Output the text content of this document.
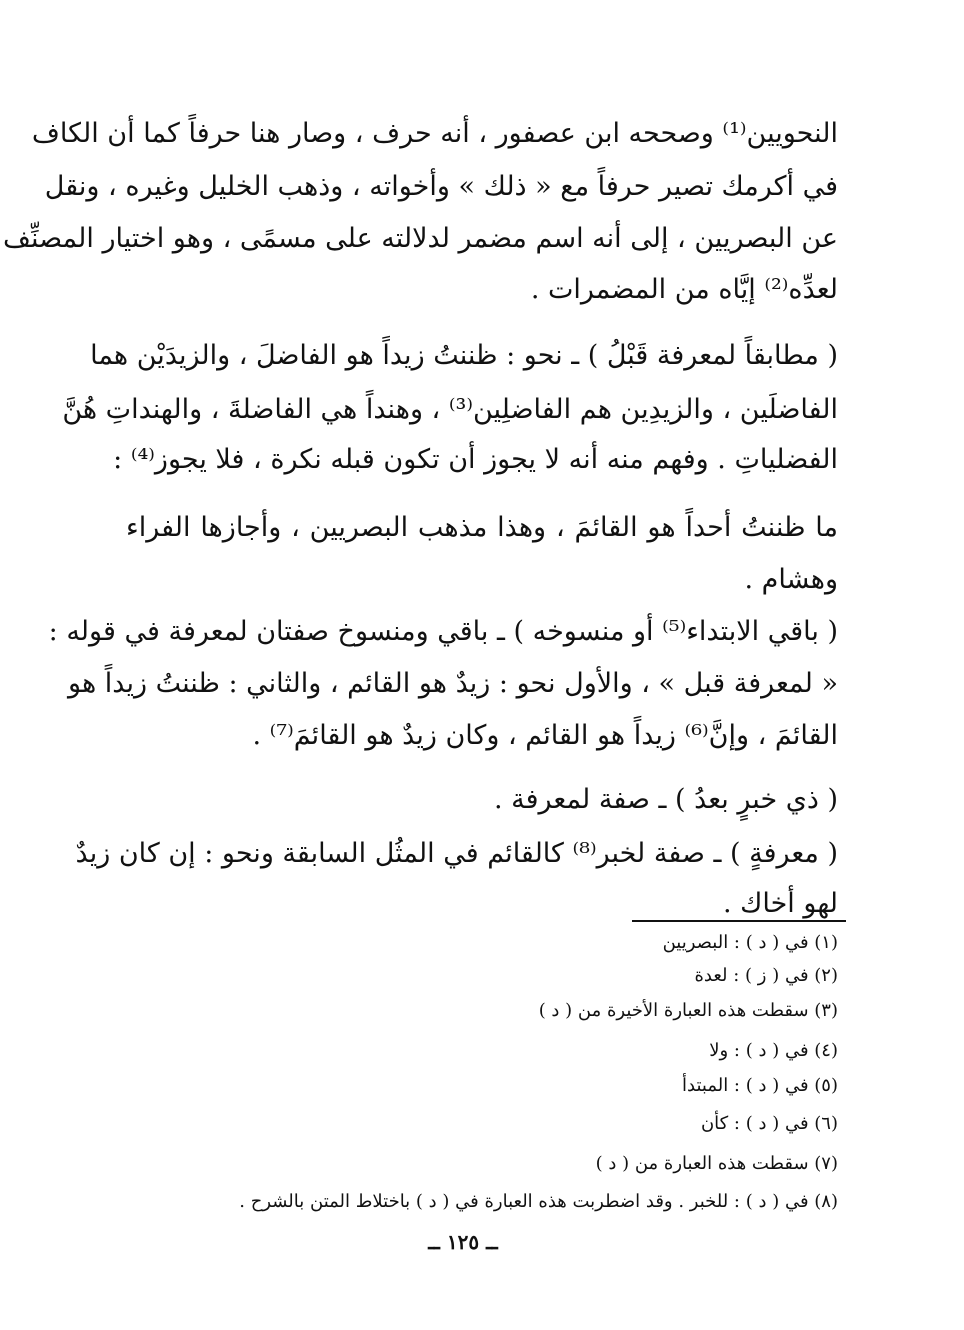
النحويين⁽¹⁾ وصححه ابن عصفور ، أنه حرف ، وصار هنا حرفاً كما أن الكاف
في أكرمك تصير حرفاً مع « ذلك » وأخواته ، وذهب الخليل وغيره ، ونقل
عن البصريين ، إلى أنه اسم مضمر لدلالته على مسمًى ، وهو اختيار المصنِّف
لعدِّه⁽²⁾ إيَّاه من المضمرات .
( مطابقاً لمعرفة قَبْلُ ) ـ نحو : ظننتُ زيداً هو الفاضلَ ، والزيدَيْن هما
الفاضلَين ، والزيدِين هم الفاضلِين⁽³⁾ ، وهنداً هي الفاضلةَ ، والهنداتِ هُنَّ
الفضلياتِ . وفهم منه أنه لا يجوز أن تكون قبله نكرة ، فلا يجوز⁽⁴⁾ :
ما ظننتُ أحداً هو القائمَ ، وهذا مذهب البصريين ، وأجازها الفراء
وهشام .
( باقي الابتداء⁽⁵⁾ أو منسوخه ) ـ باقي ومنسوخ صفتان لمعرفة في قوله :
« لمعرفة قبل » ، والأول نحو : زيدٌ هو القائم ، والثاني : ظننتُ زيداً هو
القائمَ ، وإنَّ⁽⁶⁾ زيداً هو القائم ، وكان زيدٌ هو القائمَ⁽⁷⁾ .
( ذي خبرٍ بعدُ ) ـ صفة لمعرفة .
( معرفةٍ ) ـ صفة لخبر⁽⁸⁾ كالقائم في المثُل السابقة ونحو : إن كان زيدٌ
لهو أخاك .
(١) في ( د ) : البصريين
(٢) في ( ز ) : لعدة
(٣) سقطت هذه العبارة الأخيرة من ( د )
(٤) في ( د ) : ولا
(٥) في ( د ) : المبتدأ
(٦) في ( د ) : كأن
(٧) سقطت هذه العبارة من ( د )
(٨) في ( د ) : للخبر . وقد اضطربت هذه العبارة في ( د ) باختلاط المتن بالشرح .
ــ ١٢٥ ــ
